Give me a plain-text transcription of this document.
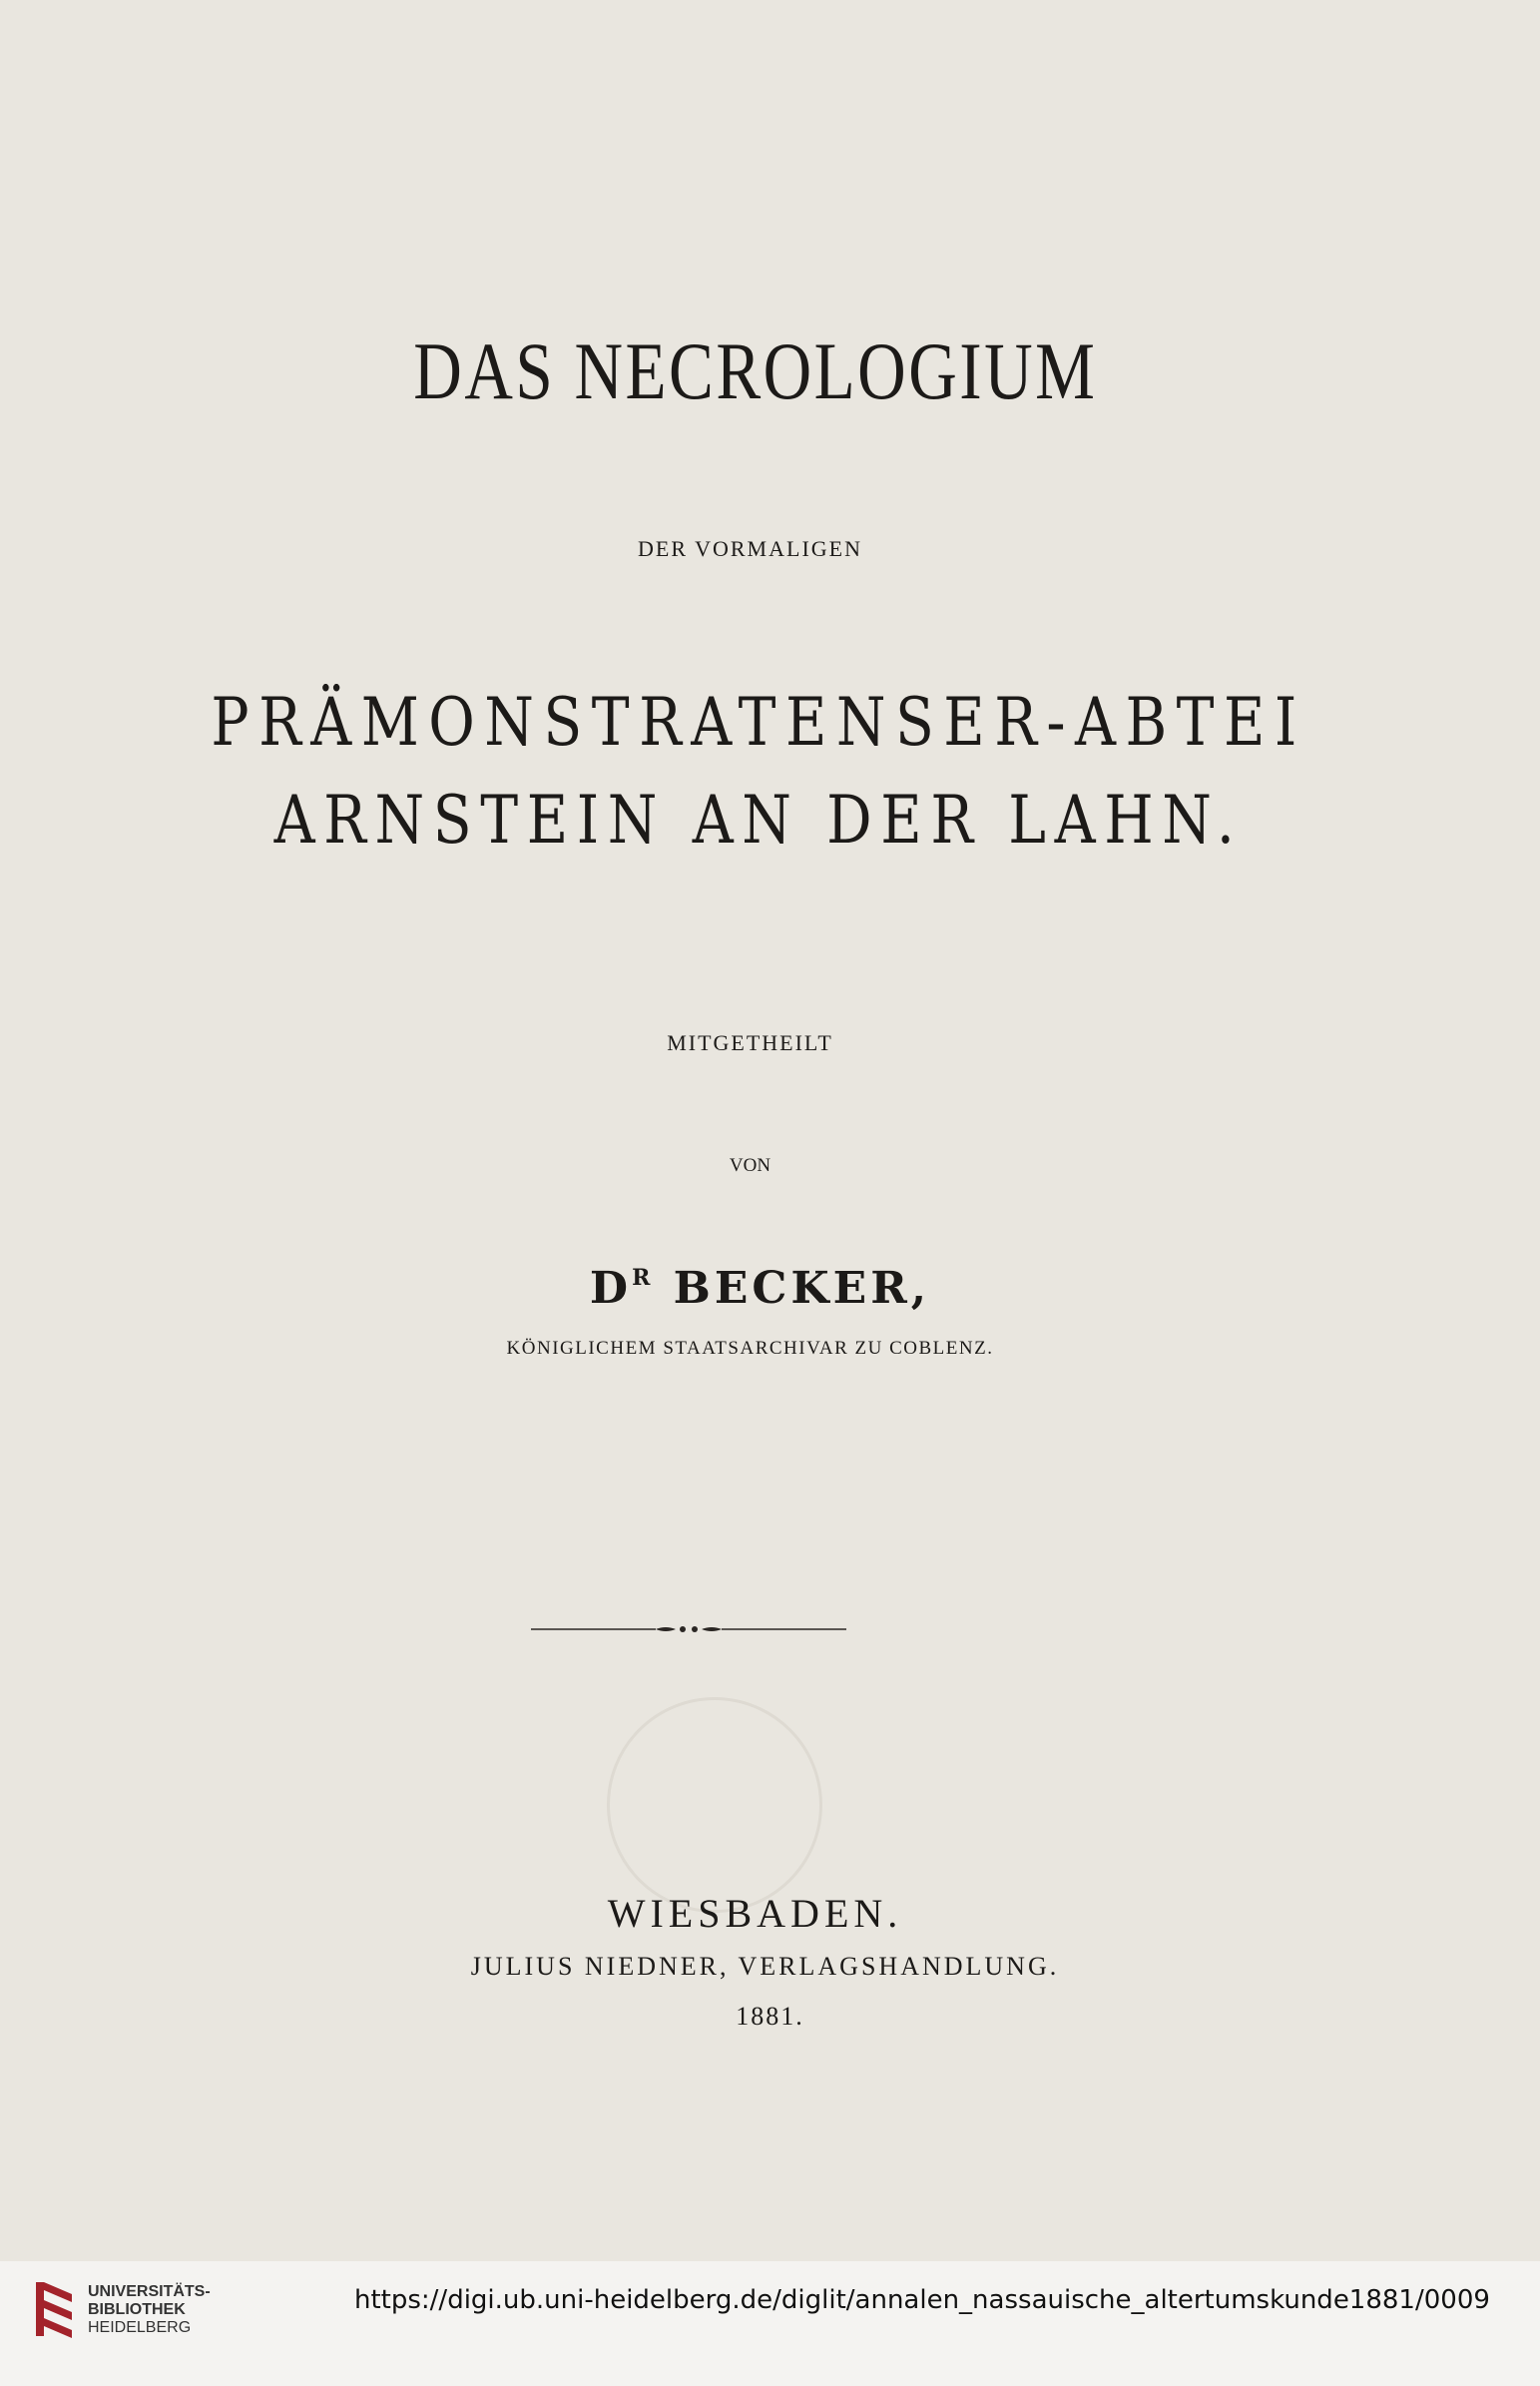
DAS NECROLOGIUM
DER VORMALIGEN
PRÄMONSTRATENSER-ABTEI
ARNSTEIN AN DER LAHN.
MITGETHEILT
VON
$D^R$ BECKER,
KÖNIGLICHEM STAATSARCHIVAR ZU COBLENZ.
WIESBADEN.
JULIUS NIEDNER, VERLAGSHANDLUNG.
1881.
UNIVERSITÄTS-
BIBLIOTHEK
HEIDELBERG
https://digi.ub.uni-heidelberg.de/diglit/annalen_nassauische_altertumskunde1881/0009
